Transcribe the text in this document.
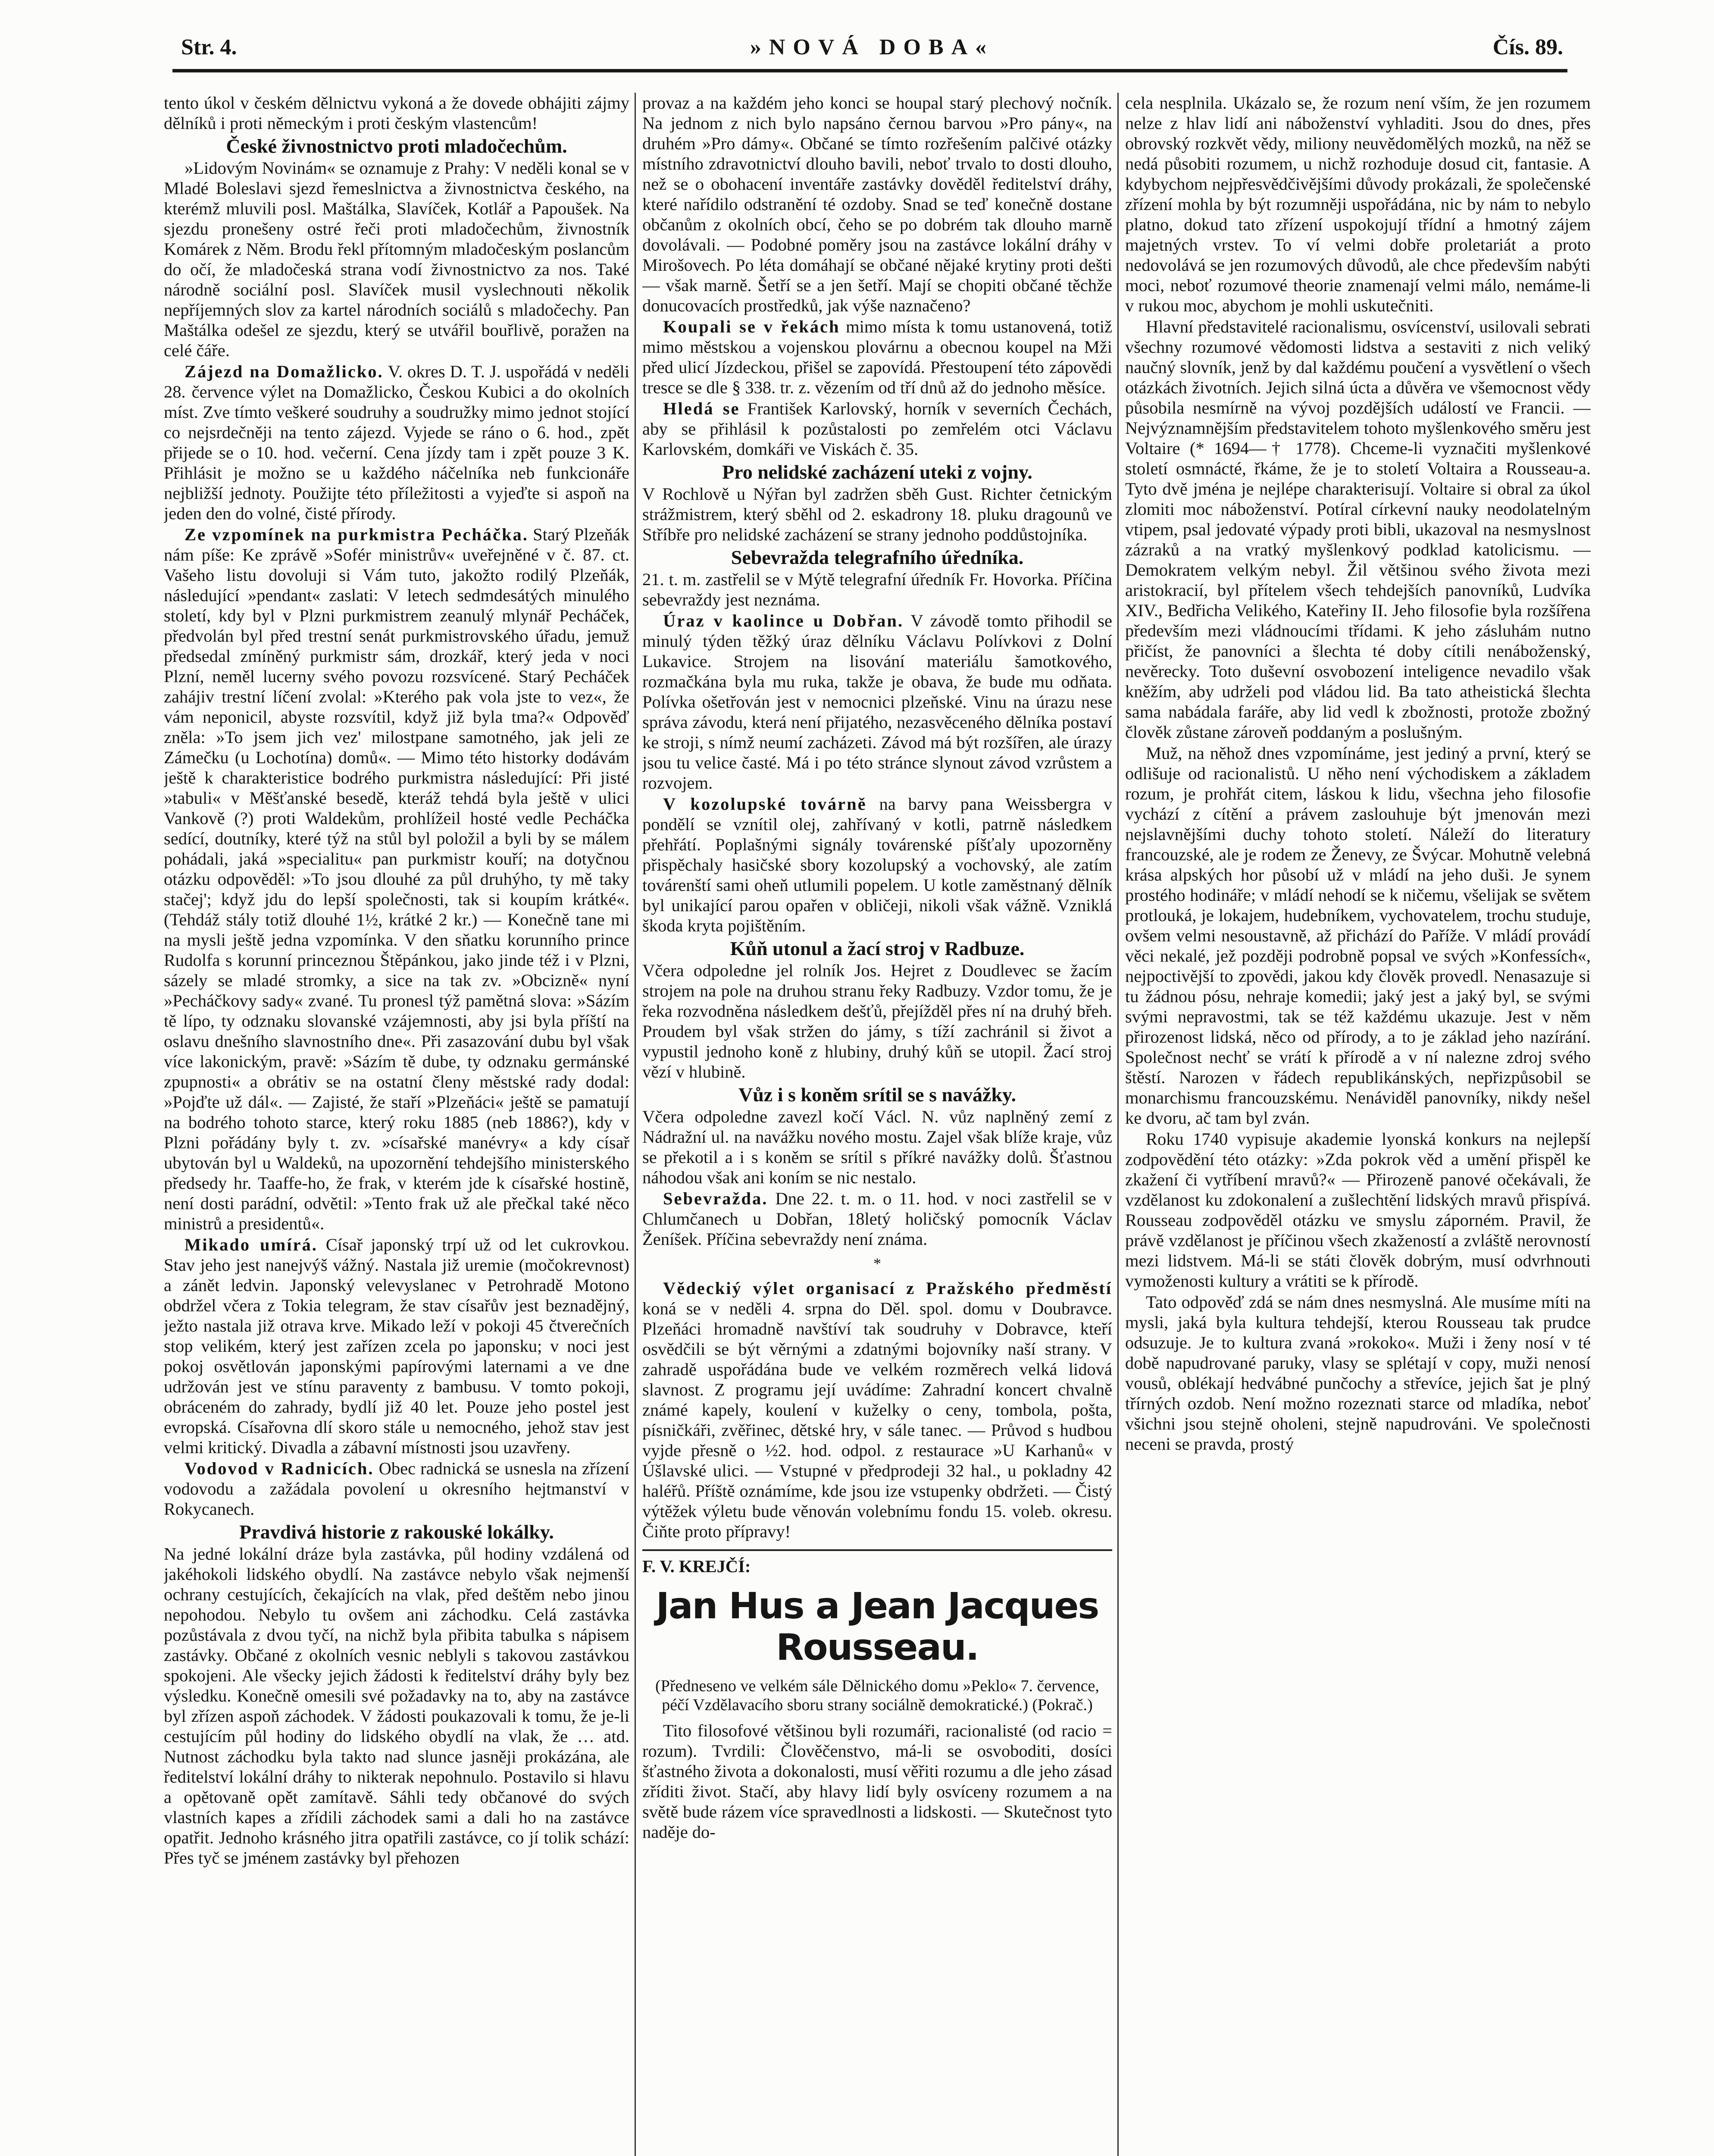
Str. 4.	»NOVÁ DOBA«	Čís. 89.

tento úkol v českém dělnictvu vykoná a že dovede obhájiti zájmy dělníků i proti německým i proti českým vlastencům!

České živnostnictvo proti mladočechům.

»Lidovým Novinám« se oznamuje z Prahy: V neděli konal se v Mladé Boleslavi sjezd řemeslnictva a živnostnictva českého, na kterémž mluvili posl. Maštálka, Slavíček, Kotlář a Papoušek. Na sjezdu pronešeny ostré řeči proti mladočechům, živnostník Komárek z Něm. Brodu řekl přítomným mladočeským poslancům do očí, že mladočeská strana vodí živnostnictvo za nos. Také národně sociální posl. Slavíček musil vyslechnouti několik nepříjemných slov za kartel národních sociálů s mladočechy. Pan Maštálka odešel ze sjezdu, který se utvářil bouřlivě, poražen na celé čáře.

Zájezd na Domažlicko. V. okres D. T. J. uspořádá v neděli 28. července výlet na Domažlicko, Českou Kubici a do okolních míst. Zve tímto veškeré soudruhy a soudružky mimo jednot stojící co nejsrdečněji na tento zájezd. Vyjede se ráno o 6. hod., zpět přijede se o 10. hod. večerní. Cena jízdy tam i zpět pouze 3 K. Přihlásit je možno se u každého náčelníka neb funkcionáře nejbližší jednoty. Použijte této příležitosti a vyjeďte si aspoň na jeden den do volné, čisté přírody.

Ze vzpomínek na purkmistra Pecháčka. Starý Plzeňák nám píše: Ke zprávě »Sofér ministrův« uveřejněné v č. 87. ct. Vašeho listu dovoluji si Vám tuto, jakožto rodilý Plzeňák, následující »pendant« zaslati: V letech sedmdesátých minulého století, kdy byl v Plzni purkmistrem zeanulý mlynář Pecháček, předvolán byl před trestní senát purkmistrovského úřadu, jemuž předsedal zmíněný purkmistr sám, drozkář, který jeda v noci Plzní, neměl lucerny svého povozu rozsvícené. Starý Pecháček zahájiv trestní líčení zvolal: »Kterého pak vola jste to vez«, že vám neponicil, abyste rozsvítil, když již byla tma?« Odpověď zněla: »To jsem jich vez' milostpane samotného, jak jeli ze Zámečku (u Lochotína) domů«. — Mimo této historky dodávám ještě k charakteristice bodrého purkmistra následující: Při jisté »tabuli« v Měšťanské besedě, kteráž tehdá byla ještě v ulici Vankově (?) proti Waldekům, prohlížeil hosté vedle Pecháčka sedící, doutníky, které týž na stůl byl položil a byli by se málem pohádali, jaká »specialitu« pan purkmistr kouří; na dotyčnou otázku odpověděl: »To jsou dlouhé za půl druhýho, ty mě taky stačej'; když jdu do lepší společnosti, tak si koupím krátké«. (Tehdáž stály totiž dlouhé 1½, krátké 2 kr.) — Konečně tane mi na mysli ještě jedna vzpomínka. V den sňatku korunního prince Rudolfa s korunní princeznou Štěpánkou, jako jinde též i v Plzni, sázely se mladé stromky, a sice na tak zv. »Obcizně« nyní »Pecháčkovy sady« zvané. Tu pronesl týž pamětná slova: »Sázím tě lípo, ty odznaku slovanské vzájemnosti, aby jsi byla příští na oslavu dnešního slavnostního dne«. Při zasazování dubu byl však více lakonickým, pravě: »Sázím tě dube, ty odznaku germánské zpupnosti« a obrátiv se na ostatní členy městské rady dodal: »Pojďte už dál«. — Zajisté, že staří »Plzeňáci« ještě se pamatují na bodrého tohoto starce, který roku 1885 (neb 1886?), kdy v Plzni pořádány byly t. zv. »císařské manévry« a kdy císař ubytován byl u Waldeků, na upozornění tehdejšího ministerského předsedy hr. Taaffe-ho, že frak, v kterém jde k císařské hostině, není dosti parádní, odvětil: »Tento frak už ale přečkal také něco ministrů a presidentů«.

Mikado umírá. Císař japonský trpí už od let cukrovkou. Stav jeho jest nanejvýš vážný. Nastala již uremie (močokrevnost) a zánět ledvin. Japonský velevyslanec v Petrohradě Motono obdržel včera z Tokia telegram, že stav císařův jest beznadějný, ježto nastala již otrava krve. Mikado leží v pokoji 45 čtverečních stop velikém, který jest zařízen zcela po japonsku; v noci jest pokoj osvětlován japonskými papírovými laternami a ve dne udržován jest ve stínu paraventy z bambusu. V tomto pokoji, obráceném do zahrady, bydlí již 40 let. Pouze jeho postel jest evropská. Císařovna dlí skoro stále u nemocného, jehož stav jest velmi kritický. Divadla a zábavní místnosti jsou uzavřeny.

Vodovod v Radnicích. Obec radnická se usnesla na zřízení vodovodu a zažádala povolení u okresního hejtmanství v Rokycanech.

Pravdivá historie z rakouské lokálky.

Na jedné lokální dráze byla zastávka, půl hodiny vzdálená od jakéhokoli lidského obydlí. Na zastávce nebylo však nejmenší ochrany cestujících, čekajících na vlak, před deštěm nebo jinou nepohodou. Nebylo tu ovšem ani záchodku. Celá zastávka pozůstávala z dvou tyčí, na nichž byla přibita tabulka s nápisem zastávky. Občané z okolních vesnic neblyli s takovou zastávkou spokojeni. Ale všecky jejich žádosti k ředitelství dráhy byly bez výsledku. Konečně omesili své požadavky na to, aby na zastávce byl zřízen aspoň záchodek. V žádosti poukazovali k tomu, že je-li cestujícím půl hodiny do lidského obydlí na vlak, že … atd. Nutnost záchodku byla takto nad slunce jasněji prokázána, ale ředitelství lokální dráhy to nikterak nepohnulo. Postavilo si hlavu a opětovaně opět zamítavě. Sáhli tedy občanové do svých vlastních kapes a zřídili záchodek sami a dali ho na zastávce opatřit. Jednoho krásného jitra opatřili zastávce, co jí tolik schází: Přes tyč se jménem zastávky byl přehozen

provaz a na každém jeho konci se houpal starý plechový nočník. Na jednom z nich bylo napsáno černou barvou »Pro pány«, na druhém »Pro dámy«. Občané se tímto rozřešením palčivé otázky místního zdravotnictví dlouho bavili, neboť trvalo to dosti dlouho, než se o obohacení inventáře zastávky dověděl ředitelství dráhy, které nařídilo odstranění té ozdoby. Snad se teď konečně dostane občanům z okolních obcí, čeho se po dobrém tak dlouho marně dovolávali. — Podobné poměry jsou na zastávce lokální dráhy v Mirošovech. Po léta domáhají se občané nějaké krytiny proti dešti — však marně. Šetří se a jen šetří. Mají se chopiti občané těchže donucovacích prostředků, jak výše naznačeno?

Koupali se v řekách mimo místa k tomu ustanovená, totiž mimo městskou a vojenskou plovárnu a obecnou koupel na Mži před ulicí Jízdeckou, přišel se zapovídá. Přestoupení této zápovědi tresce se dle § 338. tr. z. vězením od tří dnů až do jednoho měsíce.

Hledá se František Karlovský, horník v severních Čechách, aby se přihlásil k pozůstalosti po zemřelém otci Václavu Karlovském, domkáři ve Viskách č. 35.

Pro nelidské zacházení uteki z vojny.

V Rochlově u Nýřan byl zadržen sběh Gust. Richter četnickým strážmistrem, který sběhl od 2. eskadrony 18. pluku dragounů ve Stříbře pro nelidské zacházení se strany jednoho poddůstojníka.

Sebevražda telegrafního úředníka.

21. t. m. zastřelil se v Mýtě telegrafní úředník Fr. Hovorka. Příčina sebevraždy jest neznáma.

Úraz v kaolince u Dobřan. V závodě tomto přihodil se minulý týden těžký úraz dělníku Václavu Polívkovi z Dolní Lukavice. Strojem na lisování materiálu šamotkového, rozmačkána byla mu ruka, takže je obava, že bude mu odňata. Polívka ošetřován jest v nemocnici plzeňské. Vinu na úrazu nese správa závodu, která není přijatého, nezasvěceného dělníka postaví ke stroji, s nímž neumí zacházeti. Závod má být rozšířen, ale úrazy jsou tu velice časté. Má i po této stránce slynout závod vzrůstem a rozvojem.

V kozolupské továrně na barvy pana Weissbergra v pondělí se vznítil olej, zahřívaný v kotli, patrně následkem přehřátí. Poplašnými signály továrenské píšťaly upozorněny přispěchaly hasičské sbory kozolupský a vochovský, ale zatím továrenští sami oheň utlumili popelem. U kotle zaměstnaný dělník byl unikající parou opařen v obličeji, nikoli však vážně. Vzniklá škoda kryta pojištěním.

Kůň utonul a žací stroj v Radbuze.

Včera odpoledne jel rolník Jos. Hejret z Doudlevec se žacím strojem na pole na druhou stranu řeky Radbuzy. Vzdor tomu, že je řeka rozvodněna následkem dešťů, přejížděl přes ní na druhý břeh. Proudem byl však stržen do jámy, s tíží zachránil si život a vypustil jednoho koně z hlubiny, druhý kůň se utopil. Žací stroj vězí v hlubině.

Vůz i s koněm srítil se s navážky.

Včera odpoledne zavezl kočí Václ. N. vůz naplněný zemí z Nádražní ul. na navážku nového mostu. Zajel však blíže kraje, vůz se překotil a i s koněm se srítil s příkré navážky dolů. Šťastnou náhodou však ani koním se nic nestalo.

Sebevražda. Dne 22. t. m. o 11. hod. v noci zastřelil se v Chlumčanech u Dobřan, 18letý holičský pomocník Václav Ženíšek. Příčina sebevraždy není známa.

*

Vědeckiý výlet organisací z Pražského předměstí koná se v neděli 4. srpna do Děl. spol. domu v Doubravce. Plzeňáci hromadně navštíví tak soudruhy v Dobravce, kteří osvědčili se být věrnými a zdatnými bojovníky naší strany. V zahradě uspořádána bude ve velkém rozměrech velká lidová slavnost. Z programu její uvádíme: Zahradní koncert chvalně známé kapely, koulení v kuželky o ceny, tombola, pošta, písničkáři, zvěřinec, dětské hry, v sále tanec. — Průvod s hudbou vyjde přesně o ½2. hod. odpol. z restaurace »U Karhanů« v Úšlavské ulici. — Vstupné v předprodeji 32 hal., u pokladny 42 haléřů. Příště oznámíme, kde jsou ize vstupenky obdržeti. — Čistý výtěžek výletu bude věnován volebnímu fondu 15. voleb. okresu. Čiňte proto přípravy!

F. V. KREJČÍ:

Jan Hus a Jean Jacques Rousseau.

(Předneseno ve velkém sále Dělnického domu »Peklo« 7. července, péčí Vzdělavacího sboru strany sociálně demokratické.) (Pokrač.)

Tito filosofové většinou byli rozumáři, racionalisté (od racio = rozum). Tvrdili: Člověčenstvo, má-li se osvoboditi, dosíci šťastného života a dokonalosti, musí věřiti rozumu a dle jeho zásad zříditi život. Stačí, aby hlavy lidí byly osvíceny rozumem a na světě bude rázem více spravedlnosti a lidskosti. — Skutečnost tyto naděje do-

cela nesplnila. Ukázalo se, že rozum není vším, že jen rozumem nelze z hlav lidí ani náboženství vyhladiti. Jsou do dnes, přes obrovský rozkvět vědy, miliony neuvědomělých mozků, na něž se nedá působiti rozumem, u nichž rozhoduje dosud cit, fantasie. A kdybychom nejpřesvědčivějšími důvody prokázali, že společenské zřízení mohla by být rozumněji uspořádána, nic by nám to nebylo platno, dokud tato zřízení uspokojují třídní a hmotný zájem majetných vrstev. To ví velmi dobře proletariát a proto nedovolává se jen rozumových důvodů, ale chce především nabýti moci, neboť rozumové theorie znamenají velmi málo, nemáme-li v rukou moc, abychom je mohli uskutečniti.

Hlavní představitelé racionalismu, osvícenství, usilovali sebrati všechny rozumové vědomosti lidstva a sestaviti z nich veliký naučný slovník, jenž by dal každému poučení a vysvětlení o všech otázkách životních. Jejich silná úcta a důvěra ve všemocnost vědy působila nesmírně na vývoj pozdějších událostí ve Francii. — Nejvýznamnějším představitelem tohoto myšlenkového směru jest Voltaire (* 1694—† 1778). Chceme-li vyznačiti myšlenkové století osmnácté, řkáme, že je to století Voltaira a Rousseau-a. Tyto dvě jména je nejlépe charakterisují. Voltaire si obral za úkol zlomiti moc náboženství. Potíral církevní nauky neodolatelným vtipem, psal jedovaté výpady proti bibli, ukazoval na nesmyslnost zázraků a na vratký myšlenkový podklad katolicismu. — Demokratem velkým nebyl. Žil většinou svého života mezi aristokracií, byl přítelem všech tehdejších panovníků, Ludvíka XIV., Bedřicha Velikého, Kateřiny II. Jeho filosofie byla rozšířena především mezi vládnoucími třídami. K jeho zásluhám nutno přičíst, že panovníci a šlechta té doby cítili nenáboženský, nevěrecky. Toto duševní osvobození inteligence nevadilo však kněžím, aby udrželi pod vládou lid. Ba tato atheistická šlechta sama nabádala faráře, aby lid vedl k zbožnosti, protože zbožný člověk zůstane zároveň poddaným a poslušným.

Muž, na něhož dnes vzpomínáme, jest jediný a první, který se odlišuje od racionalistů. U něho není východiskem a základem rozum, je prohřát citem, láskou k lidu, všechna jeho filosofie vychází z cítění a právem zaslouhuje být jmenován mezi nejslavnějšími duchy tohoto století. Náleží do literatury francouzské, ale je rodem ze Ženevy, ze Švýcar. Mohutně velebná krása alpských hor působí už v mládí na jeho duši. Je synem prostého hodináře; v mládí nehodí se k ničemu, všelijak se světem protlouká, je lokajem, hudebníkem, vychovatelem, trochu studuje, ovšem velmi nesoustavně, až přichází do Paříže. V mládí provádí věci nekalé, jež později podrobně popsal ve svých »Konfessích«, nejpoctivější to zpovědi, jakou kdy člověk provedl. Nenasazuje si tu žádnou pósu, nehraje komedii; jaký jest a jaký byl, se svými svými nepravostmi, tak se též každému ukazuje. Jest v něm přirozenost lidská, něco od přírody, a to je základ jeho nazírání. Společnost nechť se vrátí k přírodě a v ní nalezne zdroj svého štěstí. Narozen v řádech republikánských, nepřizpůsobil se monarchismu francouzskému. Nenáviděl panovníky, nikdy nešel ke dvoru, ač tam byl zván.

Roku 1740 vypisuje akademie lyonská konkurs na nejlepší zodpovědění této otázky: »Zda pokrok věd a umění přispěl ke zkažení či vytříbení mravů?« — Přirozeně panové očekávali, že vzdělanost ku zdokonalení a zušlechtění lidských mravů přispívá. Rousseau zodpověděl otázku ve smyslu záporném. Pravil, že právě vzdělanost je příčinou všech zkažeností a zvláště nerovností mezi lidstvem. Má-li se státi člověk dobrým, musí odvrhnouti vymoženosti kultury a vrátiti se k přírodě.

Tato odpověď zdá se nám dnes nesmyslná. Ale musíme míti na mysli, jaká byla kultura tehdejší, kterou Rousseau tak prudce odsuzuje. Je to kultura zvaná »rokoko«. Muži i ženy nosí v té době napudrované paruky, vlasy se splétají v copy, muži nenosí vousů, oblékají hedvábné punčochy a střevíce, jejich šat je plný třírných ozdob. Není možno rozeznati starce od mladíka, neboť všichni jsou stejně oholeni, stejně napudrováni. Ve společnosti neceni se pravda, prostý
